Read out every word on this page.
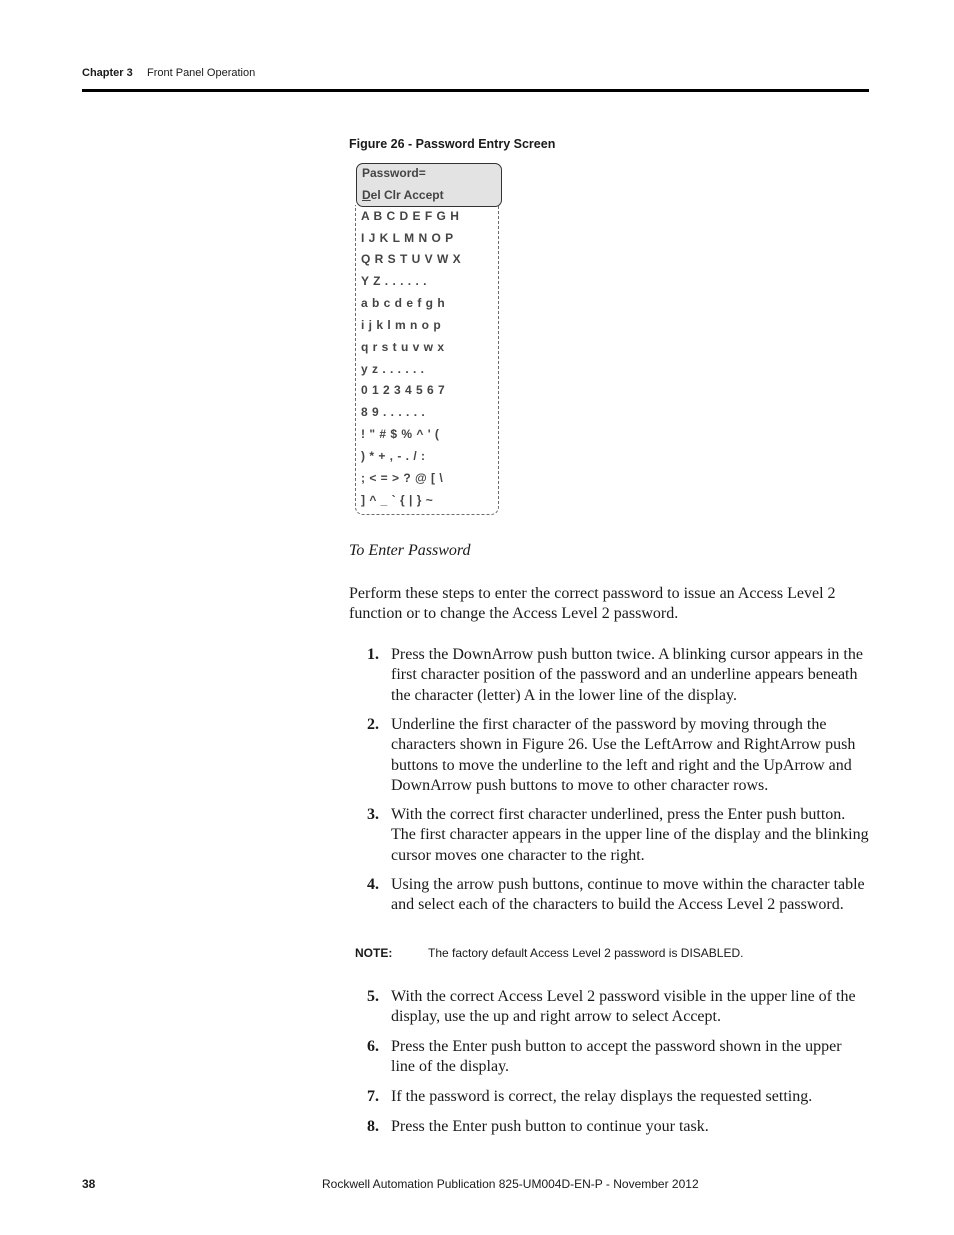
Chapter 3 Front Panel Operation
Figure 26 - Password Entry Screen
Password=
Del Clr Accept
A B C D E F G H
I J K L M N O P
Q R S T U V W X
Y Z . . . . . .
a b c d e f g h
i j k l m n o p
q r s t u v w x
y z . . . . . .
0 1 2 3 4 5 6 7
8 9 . . . . . .
! " # $ % ^ ' (
) * + , - . / :
; < = > ? @ [ \
] ^ _ ` { | } ~
To Enter Password
Perform these steps to enter the correct password to issue an Access Level 2 function or to change the Access Level 2 password.
1. Press the DownArrow push button twice. A blinking cursor appears in the first character position of the password and an underline appears beneath the character (letter) A in the lower line of the display.
2. Underline the first character of the password by moving through the characters shown in Figure 26. Use the LeftArrow and RightArrow push buttons to move the underline to the left and right and the UpArrow and DownArrow push buttons to move to other character rows.
3. With the correct first character underlined, press the Enter push button. The first character appears in the upper line of the display and the blinking cursor moves one character to the right.
4. Using the arrow push buttons, continue to move within the character table and select each of the characters to build the Access Level 2 password.
NOTE:	The factory default Access Level 2 password is DISABLED.
5. With the correct Access Level 2 password visible in the upper line of the display, use the up and right arrow to select Accept.
6. Press the Enter push button to accept the password shown in the upper line of the display.
7. If the password is correct, the relay displays the requested setting.
8. Press the Enter push button to continue your task.
38	Rockwell Automation Publication 825-UM004D-EN-P - November 2012
